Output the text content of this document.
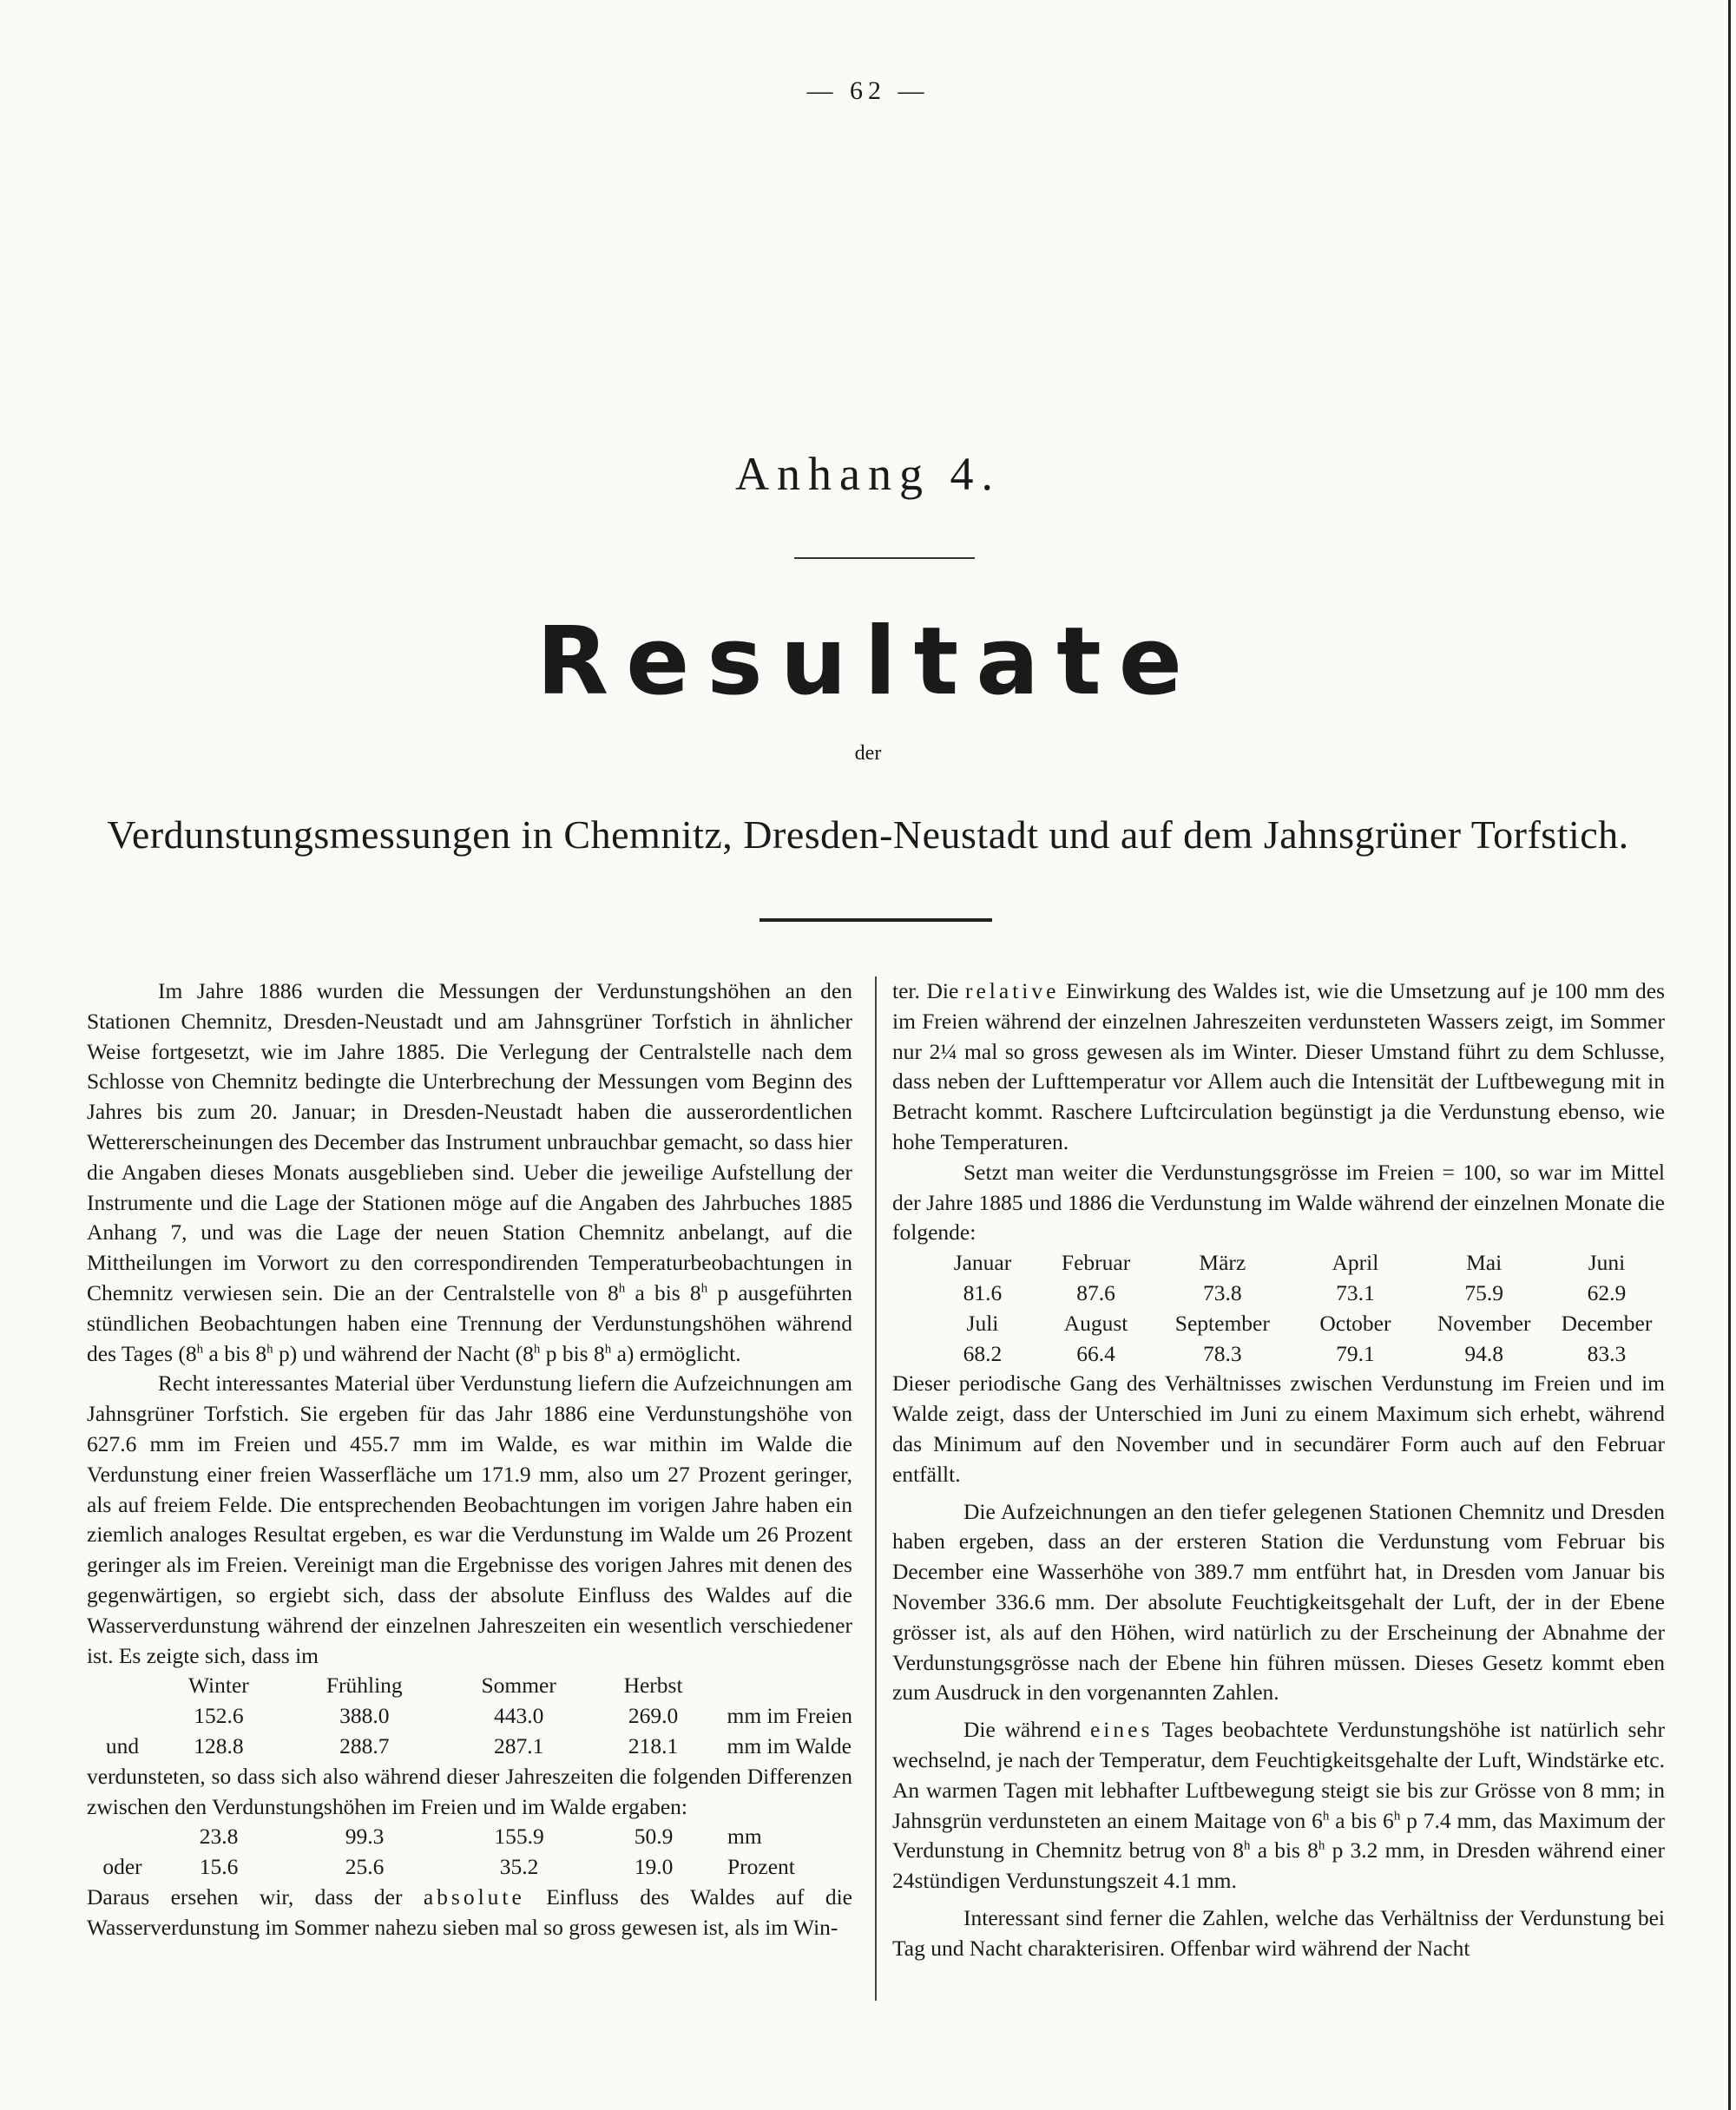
— 62 —
Anhang 4.
Resultate
der
Verdunstungsmessungen in Chemnitz, Dresden-Neustadt und auf dem Jahnsgrüner Torfstich.

Im Jahre 1886 wurden die Messungen der Verdunstungshöhen an den Stationen Chemnitz, Dresden-Neustadt und am Jahnsgrüner Torfstich in ähnlicher Weise fortgesetzt, wie im Jahre 1885. Die Verlegung der Centralstelle nach dem Schlosse von Chemnitz bedingte die Unterbrechung der Messungen vom Beginn des Jahres bis zum 20. Januar; in Dresden-Neustadt haben die ausserordentlichen Wettererscheinungen des December das Instrument unbrauchbar gemacht, so dass hier die Angaben dieses Monats ausgeblieben sind. Ueber die jeweilige Aufstellung der Instrumente und die Lage der Stationen möge auf die Angaben des Jahrbuches 1885 Anhang 7, und was die Lage der neuen Station Chemnitz anbelangt, auf die Mittheilungen im Vorwort zu den correspondirenden Temperaturbeobachtungen in Chemnitz verwiesen sein. Die an der Centralstelle von 8$^h$ a bis 8$^h$ p ausgeführten stündlichen Beobachtungen haben eine Trennung der Verdunstungshöhen während des Tages (8$^h$ a bis 8$^h$ p) und während der Nacht (8$^h$ p bis 8$^h$ a) ermöglicht.

Recht interessantes Material über Verdunstung liefern die Aufzeichnungen am Jahnsgrüner Torfstich. Sie ergeben für das Jahr 1886 eine Verdunstungshöhe von 627.6 mm im Freien und 455.7 mm im Walde, es war mithin im Walde die Verdunstung einer freien Wasserfläche um 171.9 mm, also um 27 Prozent geringer, als auf freiem Felde. Die entsprechenden Beobachtungen im vorigen Jahre haben ein ziemlich analoges Resultat ergeben, es war die Verdunstung im Walde um 26 Prozent geringer als im Freien. Vereinigt man die Ergebnisse des vorigen Jahres mit denen des gegenwärtigen, so ergiebt sich, dass der absolute Einfluss des Waldes auf die Wasserverdunstung während der einzelnen Jahreszeiten ein wesentlich verschiedener ist. Es zeigte sich, dass im

	Winter	Frühling	Sommer	Herbst	
	152.6	388.0	443.0	269.0	mm im Freien
und	128.8	288.7	287.1	218.1	mm im Walde

verdunsteten, so dass sich also während dieser Jahreszeiten die folgenden Differenzen zwischen den Verdunstungshöhen im Freien und im Walde ergaben:

	23.8	99.3	155.9	50.9	mm
oder	15.6	25.6	35.2	19.0	Prozent

Daraus ersehen wir, dass der absolute Einfluss des Waldes auf die Wasserverdunstung im Sommer nahezu sieben mal so gross gewesen ist, als im Win-

ter. Die relative Einwirkung des Waldes ist, wie die Umsetzung auf je 100 mm des im Freien während der einzelnen Jahreszeiten verdunsteten Wassers zeigt, im Sommer nur 2¼ mal so gross gewesen als im Winter. Dieser Umstand führt zu dem Schlusse, dass neben der Lufttemperatur vor Allem auch die Intensität der Luftbewegung mit in Betracht kommt. Raschere Luftcirculation begünstigt ja die Verdunstung ebenso, wie hohe Temperaturen.

Setzt man weiter die Verdunstungsgrösse im Freien = 100, so war im Mittel der Jahre 1885 und 1886 die Verdunstung im Walde während der einzelnen Monate die folgende:

Januar	Februar	März	April	Mai	Juni
81.6	87.6	73.8	73.1	75.9	62.9
Juli	August	September	October	November	December
68.2	66.4	78.3	79.1	94.8	83.3

Dieser periodische Gang des Verhältnisses zwischen Verdunstung im Freien und im Walde zeigt, dass der Unterschied im Juni zu einem Maximum sich erhebt, während das Minimum auf den November und in secundärer Form auch auf den Februar entfällt.

Die Aufzeichnungen an den tiefer gelegenen Stationen Chemnitz und Dresden haben ergeben, dass an der ersteren Station die Verdunstung vom Februar bis December eine Wasserhöhe von 389.7 mm entführt hat, in Dresden vom Januar bis November 336.6 mm. Der absolute Feuchtigkeitsgehalt der Luft, der in der Ebene grösser ist, als auf den Höhen, wird natürlich zu der Erscheinung der Abnahme der Verdunstungsgrösse nach der Ebene hin führen müssen. Dieses Gesetz kommt eben zum Ausdruck in den vorgenannten Zahlen.

Die während eines Tages beobachtete Verdunstungshöhe ist natürlich sehr wechselnd, je nach der Temperatur, dem Feuchtigkeitsgehalte der Luft, Windstärke etc. An warmen Tagen mit lebhafter Luftbewegung steigt sie bis zur Grösse von 8 mm; in Jahnsgrün verdunsteten an einem Maitage von 6$^h$ a bis 6$^h$ p 7.4 mm, das Maximum der Verdunstung in Chemnitz betrug von 8$^h$ a bis 8$^h$ p 3.2 mm, in Dresden während einer 24stündigen Verdunstungszeit 4.1 mm.

Interessant sind ferner die Zahlen, welche das Verhältniss der Verdunstung bei Tag und Nacht charakterisiren. Offenbar wird während der Nacht
